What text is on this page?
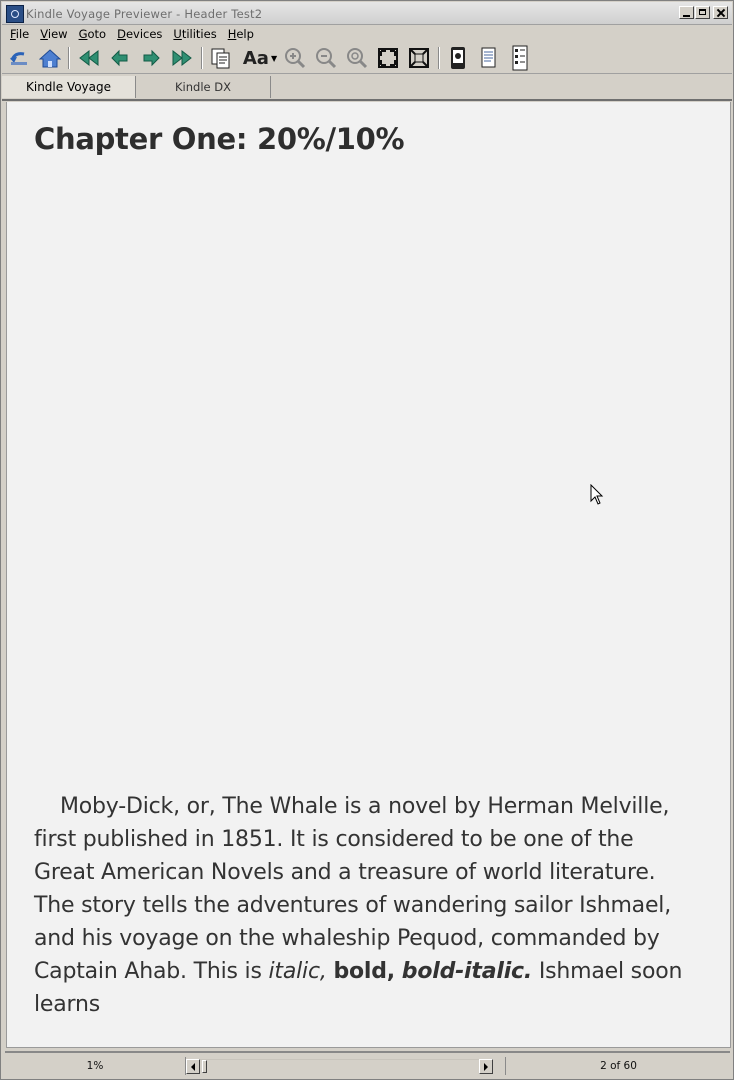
Kindle Voyage Previewer - Header Test2
File View Goto Devices Utilities Help
Aa ▼
Kindle Voyage	Kindle DX
Chapter One: 20%/10%
Moby-Dick, or, The Whale is a novel by Herman Melville, first published in 1851. It is considered to be one of the Great American Novels and a treasure of world literature. The story tells the adventures of wandering sailor Ishmael, and his voyage on the whaleship Pequod, commanded by Captain Ahab. This is italic, bold, bold-italic. Ishmael soon learns
1%	2 of 60
